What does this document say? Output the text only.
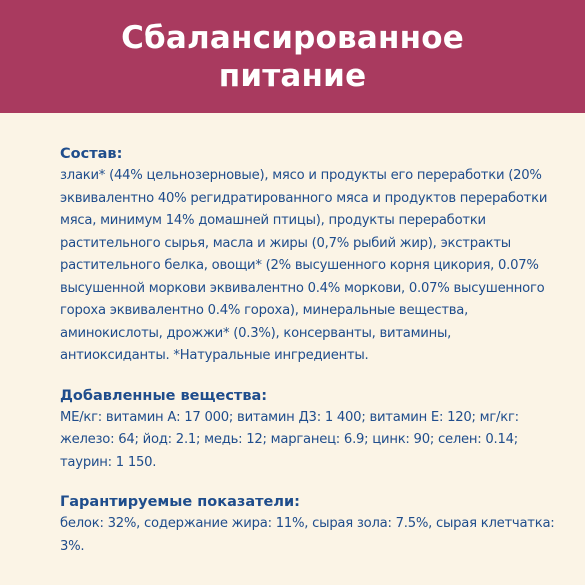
Сбалансированное питание
Состав:

злаки* (44% цельнозерновые), мясо и продукты его переработки (20% эквивалентно 40% регидратированного мяса и продуктов переработки мяса, минимум 14% домашней птицы), продукты переработки растительного сырья, масла и жиры (0,7% рыбий жир), экстракты растительного белка, овощи* (2% высушенного корня цикория, 0.07% высушенной моркови эквивалентно 0.4% моркови, 0.07% высушенного гороха эквивалентно 0.4% гороха), минеральные вещества, аминокислоты, дрожжи* (0.3%), консерванты, витамины, антиоксиданты. *Натуральные ингредиенты.

Добавленные вещества:

МЕ/кг: витамин А: 17 000; витамин Д3: 1 400; витамин Е: 120; мг/кг: железо: 64; йод: 2.1; медь: 12; марганец: 6.9; цинк: 90; селен: 0.14; таурин: 1 150.

Гарантируемые показатели:

белок: 32%, содержание жира: 11%, сырая зола: 7.5%, сырая клетчатка: 3%.
